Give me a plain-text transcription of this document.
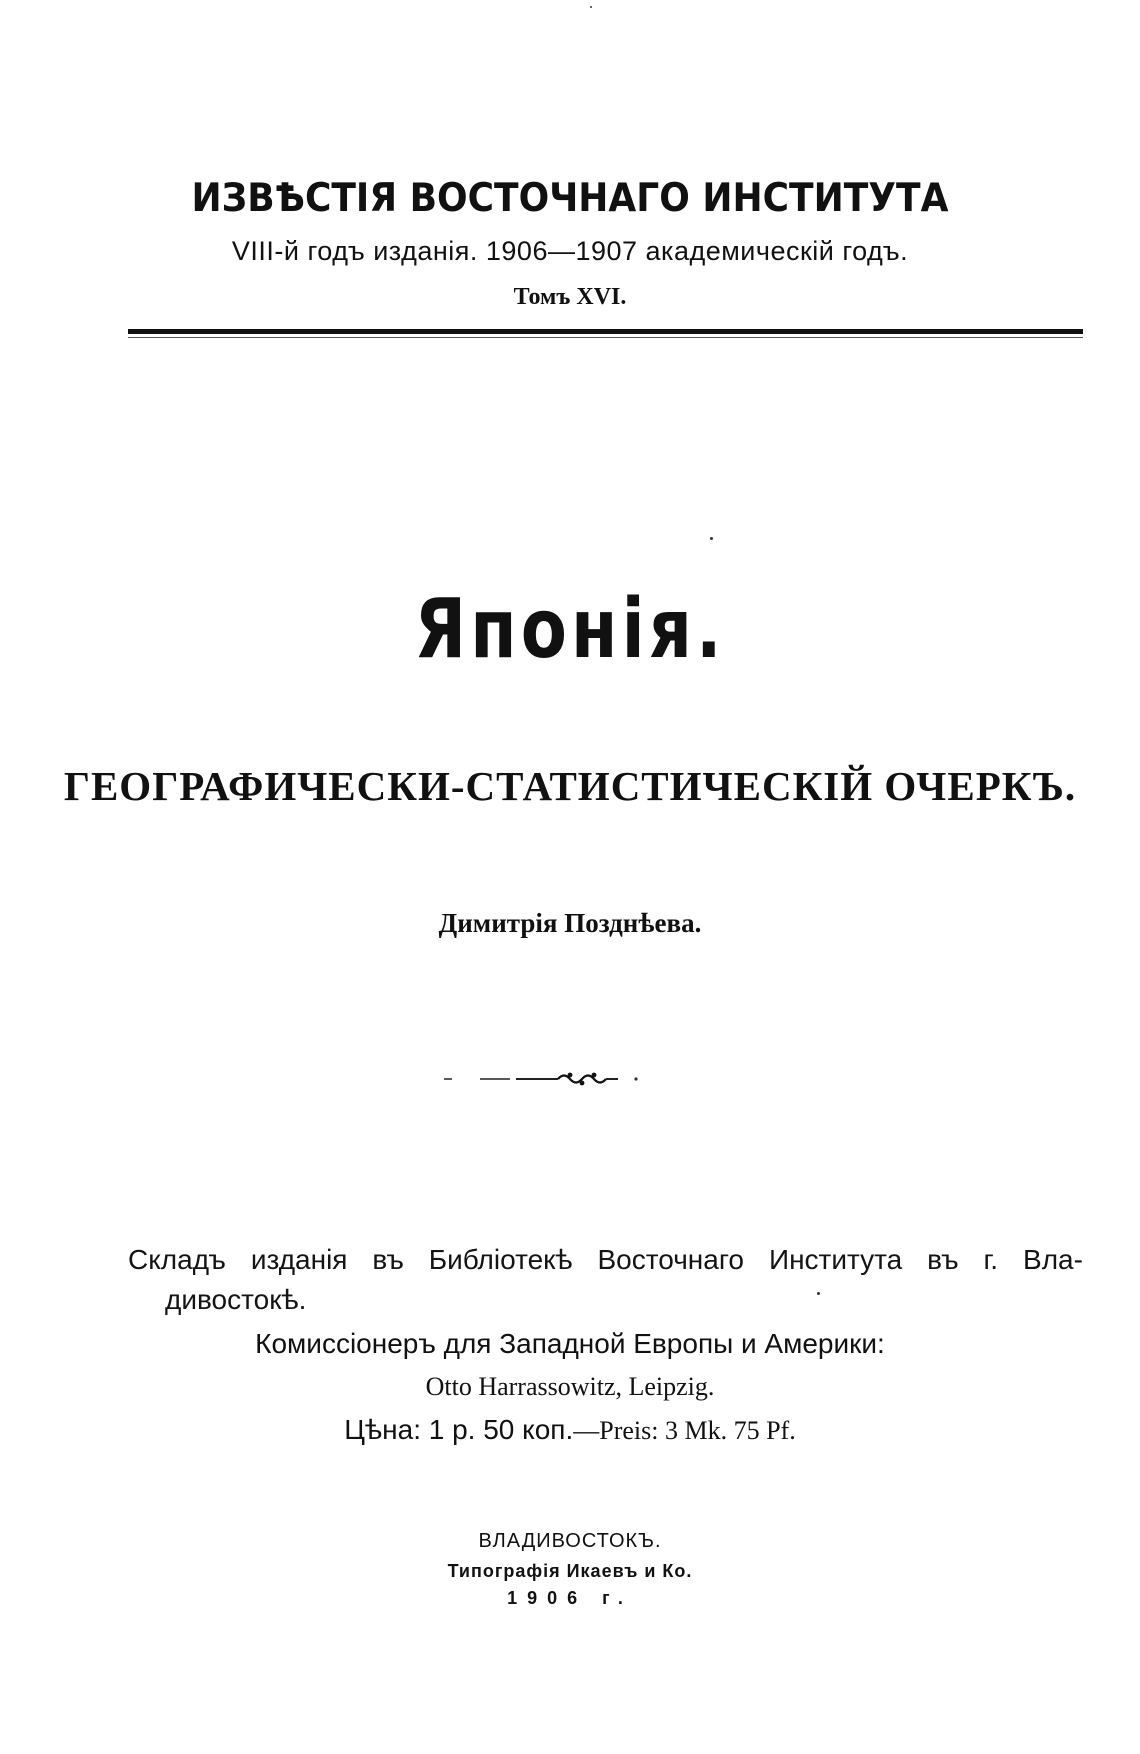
ИЗВѢСТІЯ ВОСТОЧНАГО ИНСТИТУТА
VIII-й годъ изданія. 1906—1907 академическій годъ.
Томъ XVI.
Японія.
ГЕОГРАФИЧЕСКИ-СТАТИСТИЧЕСКІЙ ОЧЕРКЪ.
Димитрія Позднѣева.
Складъ изданія въ Библіотекѣ Восточнаго Института въ г. Вла-
дивостокѣ.
Комиссіонеръ для Западной Европы и Америки:
Otto Harrassowitz, Leipzig.
Цѣна: 1 р. 50 коп.—Preis: 3 Mk. 75 Pf.
ВЛАДИВОСТОКЪ.
Типографія Икаевъ и Ко.
1906 г.
